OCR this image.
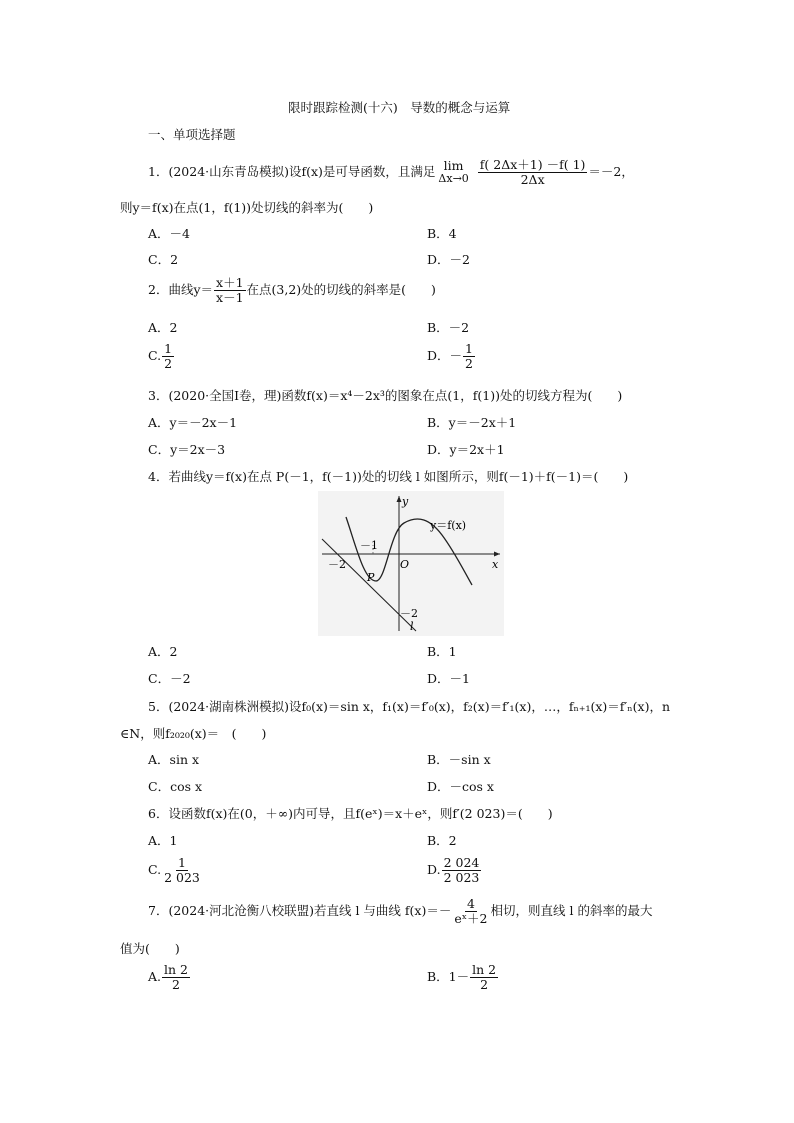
限时跟踪检测(十六)　导数的概念与运算
一、单项选择题
1．(2024·山东青岛模拟)设f(x)是可导函数，且满足 lim
$\Delta x\to 0 \frac{f( 2\Delta x+1) -f( 1)}{2\Delta x} =-2$，
则y＝f(x)在点(1，f(1))处切线的斜率为(　　)
A．－4	B．4
C．2	D．－2
2．曲线$y= \frac{x+1}{x-1}$ 在点(3,2)处的切线的斜率是(　　)
A．2	B．－2
C. $\frac{1}{2}$	D．－ $\frac{1}{2}$
3．(2020·全国Ⅰ卷，理)函数f(x)＝x⁴－2x³的图象在点(1，f(1))处的切线方程为(　　)
A．y＝－2x－1	B．y＝－2x＋1
C．y＝2x－3	D．y＝2x＋1
4．若曲线y＝f(x)在点 P(－1，f(－1))处的切线 l 如图所示，则f(－1)＋f(－1)＝(　　)
y
x
y＝f(x)
－1
－2	O
P
－2
l
A．2	B．1
C．－2	D．－1
5．(2024·湖南株洲模拟)设f₀(x)＝sin x，f₁(x)＝f′₀(x)，f₂(x)＝f′₁(x)，…，fₙ₊₁(x)＝f′ₙ(x)，n
∈N，则f₂₀₂₀(x)＝　(　　)
A．sin x	B．－sin x
C．cos x	D．－cos x
6．设函数f(x)在(0，＋∞)内可导，且f(eˣ)＝x＋eˣ，则f′(2 023)＝(　　)
A．1	B．2
C. $\frac{1}{2 023}$	D. $\frac{2 024}{2 023}$
7．(2024·河北沧衡八校联盟)若直线 l 与曲线 $f(x)=- \frac{4}{\text{eˣ＋2}}$ 相切，则直线 l 的斜率的最大
值为(　　)
A. $\frac{\ln 2}{2}$	B．$1- \frac{\ln 2}{2}$
